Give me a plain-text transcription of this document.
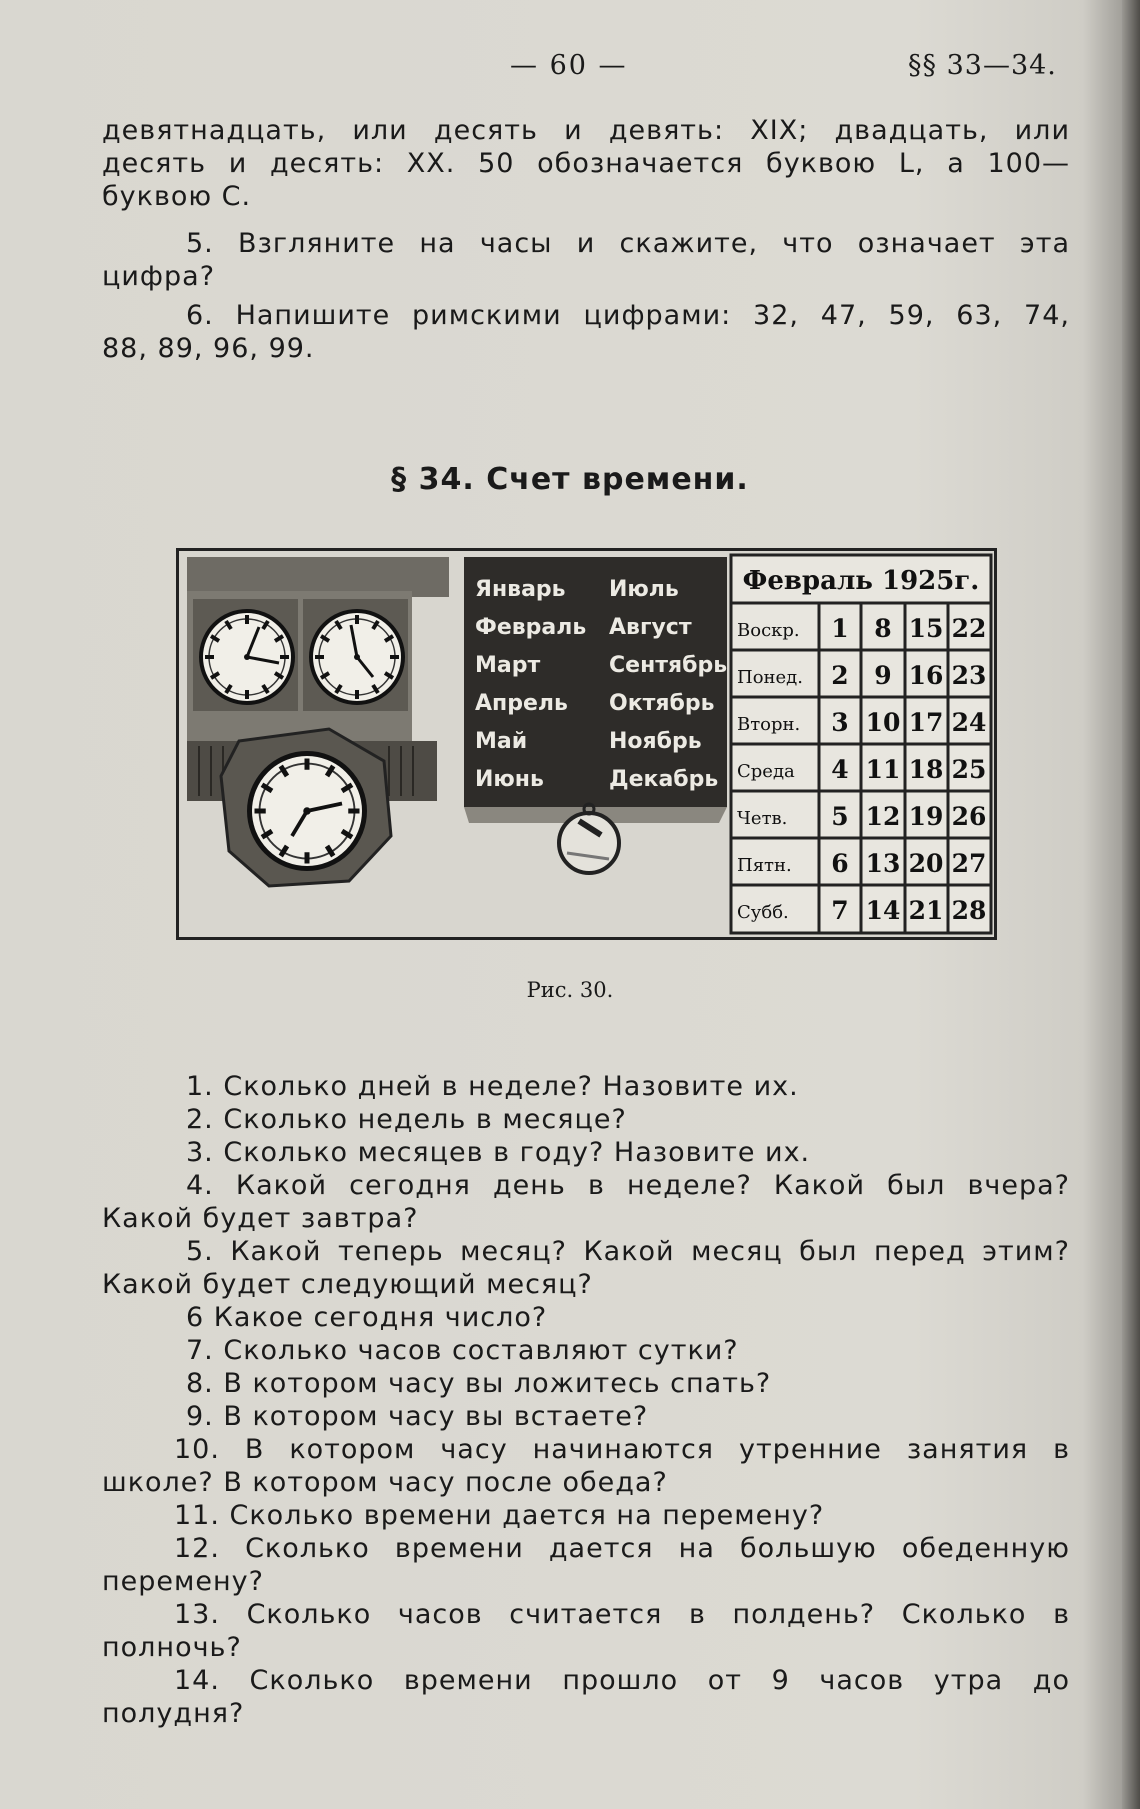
— 60 —	§§ 33—34.
девятнадцать, или десять и девять: XIX; двадцать, или
десять и десять: XX. 50 обозначается буквою L, а 100—
буквою С.
5. Взгляните на часы и скажите, что означает эта
цифра?
6. Напишите римскими цифрами: 32, 47, 59, 63, 74,
88, 89, 96, 99.
§ 34. Счет времени.
Январь
Февраль
Март
Апрель
Май
Июнь
Июль
Август
Сентябрь
Октябрь
Ноябрь
Декабрь
Февраль 1925г.
Воскр.
Понед.
Вторн.
Среда
Четв.
Пятн.
Субб.
1 8 15 22
2 9 16 23
3 10 17 24
4 11 18 25
5 12 19 26
6 13 20 27
7 14 21 28
Рис. 30.
1. Сколько дней в неделе? Назовите их.
2. Сколько недель в месяце?
3. Сколько месяцев в году? Назовите их.
4. Какой сегодня день в неделе? Какой был вчера?
Какой будет завтра?
5. Какой теперь месяц? Какой месяц был перед этим?
Какой будет следующий месяц?
6 Какое сегодня число?
7. Сколько часов составляют сутки?
8. В котором часу вы ложитесь спать?
9. В котором часу вы встаете?
10. В котором часу начинаются утренние занятия в
школе? В котором часу после обеда?
11. Сколько времени дается на перемену?
12. Сколько времени дается на большую обеденную
перемену?
13. Сколько часов считается в полдень? Сколько в
полночь?
14. Сколько времени прошло от 9 часов утра до
полудня?
